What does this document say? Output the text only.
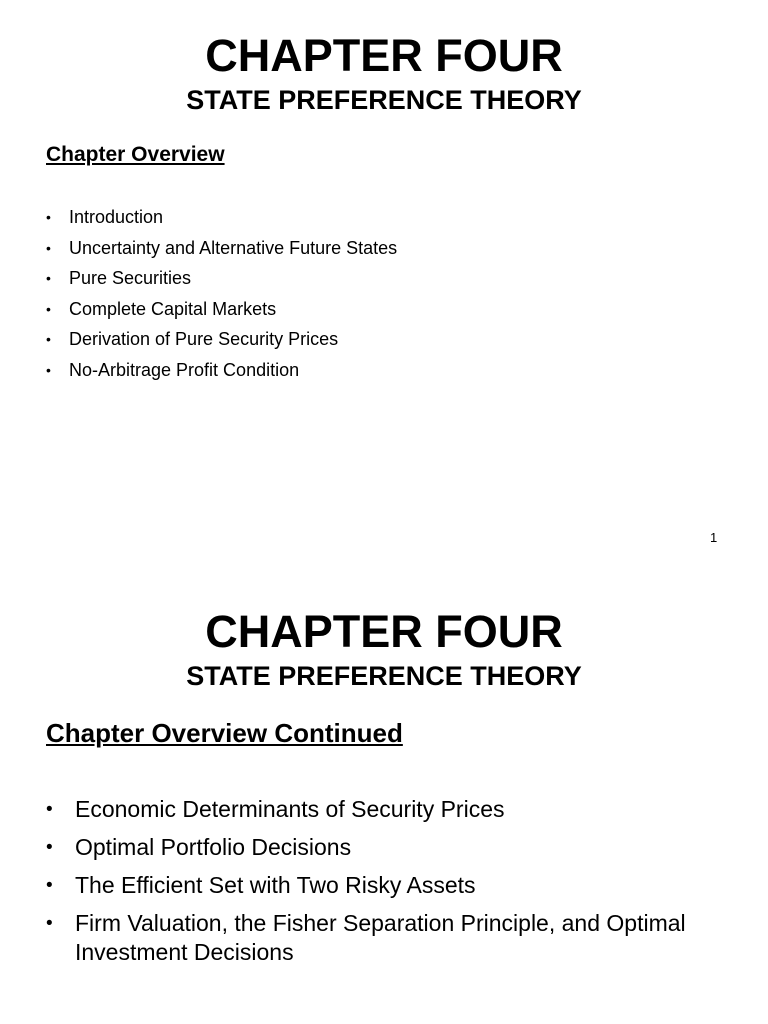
CHAPTER FOUR
STATE PREFERENCE THEORY
Chapter Overview
• Introduction
• Uncertainty and Alternative Future States
• Pure Securities
• Complete Capital Markets
• Derivation of Pure Security Prices
• No-Arbitrage Profit Condition
1
CHAPTER FOUR
STATE PREFERENCE THEORY
Chapter Overview Continued
• Economic Determinants of Security Prices
• Optimal Portfolio Decisions
• The Efficient Set with Two Risky Assets
• Firm Valuation, the Fisher Separation Principle, and Optimal Investment Decisions
